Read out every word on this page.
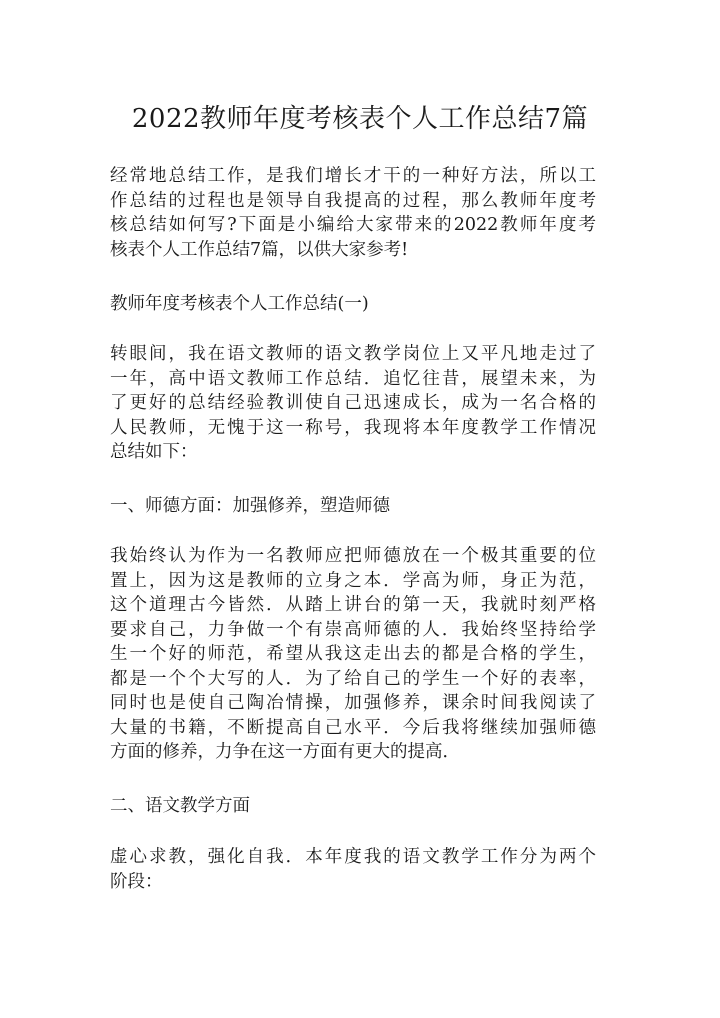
2022教师年度考核表个人工作总结7篇
经常地总结工作，是我们增长才干的一种好方法，所以工
作总结的过程也是领导自我提高的过程，那么教师年度考
核总结如何写?下面是小编给大家带来的2022教师年度考
核表个人工作总结7篇，以供大家参考!
教师年度考核表个人工作总结(一)
转眼间，我在语文教师的语文教学岗位上又平凡地走过了
一年，高中语文教师工作总结．追忆往昔，展望未来，为
了更好的总结经验教训使自己迅速成长，成为一名合格的
人民教师，无愧于这一称号，我现将本年度教学工作情况
总结如下：
一、师德方面：加强修养，塑造师德
我始终认为作为一名教师应把师德放在一个极其重要的位
置上，因为这是教师的立身之本．学高为师，身正为范，
这个道理古今皆然．从踏上讲台的第一天，我就时刻严格
要求自己，力争做一个有崇高师德的人．我始终坚持给学
生一个好的师范，希望从我这走出去的都是合格的学生，
都是一个个大写的人．为了给自己的学生一个好的表率，
同时也是使自己陶冶情操，加强修养，课余时间我阅读了
大量的书籍，不断提高自己水平．今后我将继续加强师德
方面的修养，力争在这一方面有更大的提高．
二、语文教学方面
虚心求教，强化自我．本年度我的语文教学工作分为两个
阶段：
